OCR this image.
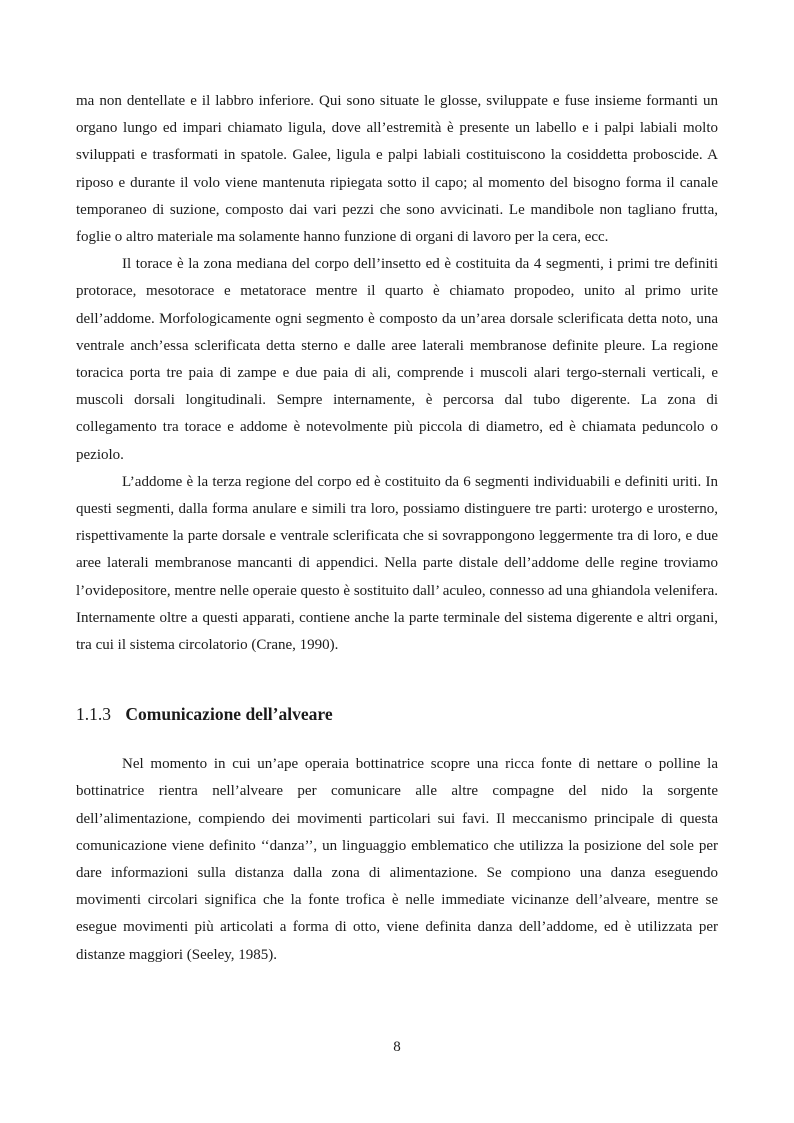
ma non dentellate e il labbro inferiore. Qui sono situate le glosse, sviluppate e fuse insieme formanti un organo lungo ed impari chiamato ligula, dove all’estremità è presente un labello e i palpi labiali molto sviluppati e trasformati in spatole. Galee, ligula e palpi labiali costituiscono la cosiddetta proboscide. A riposo e durante il volo viene mantenuta ripiegata sotto il capo; al momento del bisogno forma il canale temporaneo di suzione, composto dai vari pezzi che sono avvicinati. Le mandibole non tagliano frutta, foglie o altro materiale ma solamente hanno funzione di organi di lavoro per la cera, ecc.

Il torace è la zona mediana del corpo dell’insetto ed è costituita da 4 segmenti, i primi tre definiti protorace, mesotorace e metatorace mentre il quarto è chiamato propodeo, unito al primo urite dell’addome. Morfologicamente ogni segmento è composto da un’area dorsale sclerificata detta noto, una ventrale anch’essa sclerificata detta sterno e dalle aree laterali membranose definite pleure. La regione toracica porta tre paia di zampe e due paia di ali, comprende i muscoli alari tergo-sternali verticali, e muscoli dorsali longitudinali. Sempre internamente, è percorsa dal tubo digerente. La zona di collegamento tra torace e addome è notevolmente più piccola di diametro, ed è chiamata peduncolo o peziolo.

L’addome è la terza regione del corpo ed è costituito da 6 segmenti individuabili e definiti uriti. In questi segmenti, dalla forma anulare e simili tra loro, possiamo distinguere tre parti: urotergo e urosterno, rispettivamente la parte dorsale e ventrale sclerificata che si sovrappongono leggermente tra di loro, e due aree laterali membranose mancanti di appendici. Nella parte distale dell’addome delle regine troviamo l’ovidepositore, mentre nelle operaie questo è sostituito dall’ aculeo, connesso ad una ghiandola velenifera. Internamente oltre a questi apparati, contiene anche la parte terminale del sistema digerente e altri organi, tra cui il sistema circolatorio (Crane, 1990).

1.1.3 Comunicazione dell’alveare

Nel momento in cui un’ape operaia bottinatrice scopre una ricca fonte di nettare o polline la bottinatrice rientra nell’alveare per comunicare alle altre compagne del nido la sorgente dell’alimentazione, compiendo dei movimenti particolari sui favi. Il meccanismo principale di questa comunicazione viene definito ‘‘danza’’, un linguaggio emblematico che utilizza la posizione del sole per dare informazioni sulla distanza dalla zona di alimentazione. Se compiono una danza eseguendo movimenti circolari significa che la fonte trofica è nelle immediate vicinanze dell’alveare, mentre se esegue movimenti più articolati a forma di otto, viene definita danza dell’addome, ed è utilizzata per distanze maggiori (Seeley, 1985).

8
